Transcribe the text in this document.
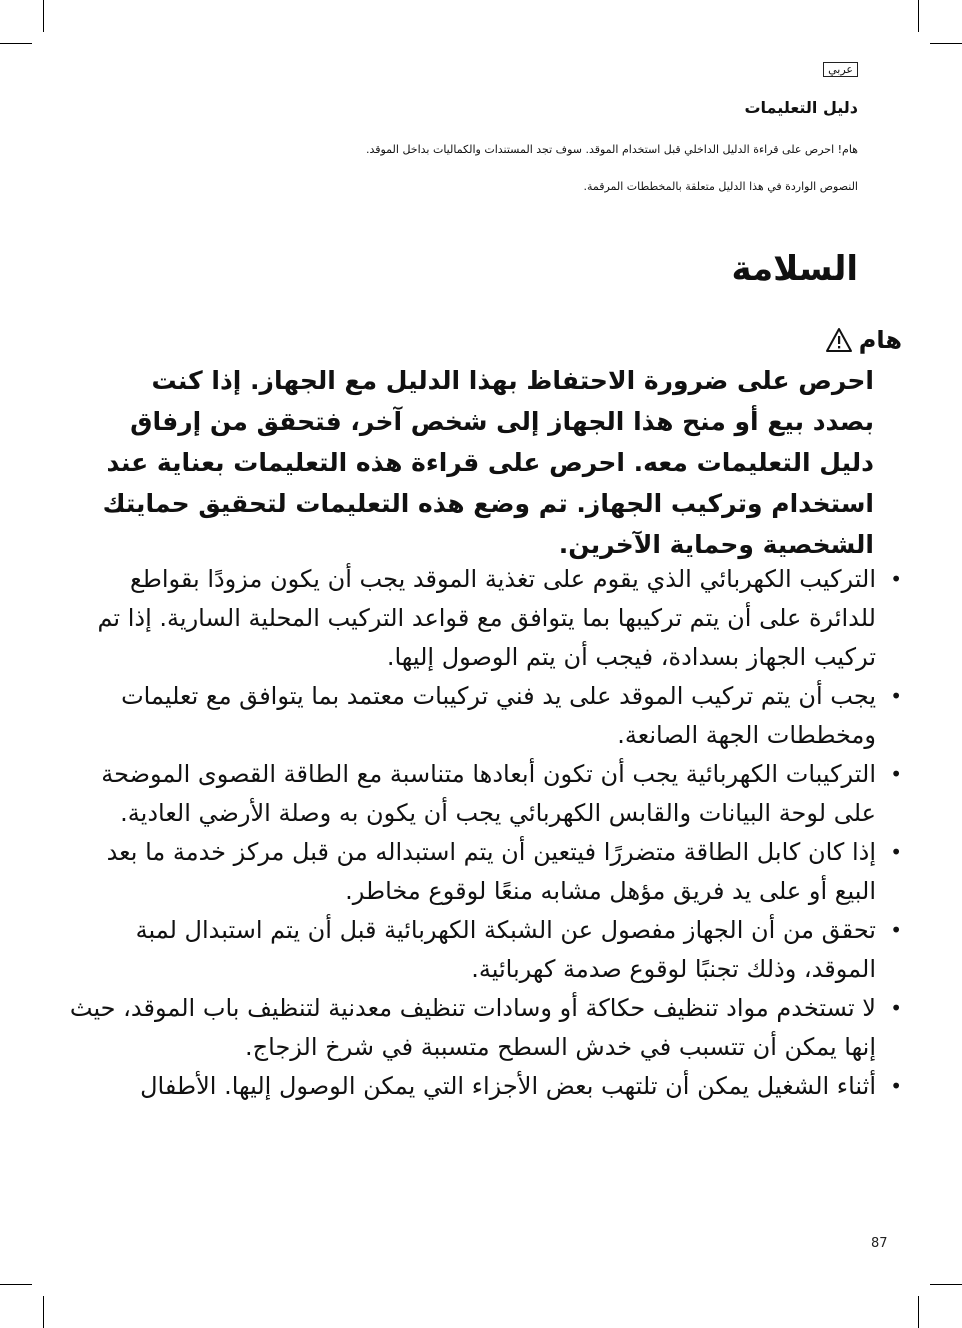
عربي
دليل التعليمات
هام! احرص على قراءة الدليل الداخلي قبل استخدام الموقد. سوف تجد المستندات والكماليات بداخل الموقد.
النصوص الواردة في هذا الدليل متعلقة بالمخططات المرقمة.
السلامة
هام
احرص على ضرورة الاحتفاظ بهذا الدليل مع الجهاز. إذا كنت بصدد بيع أو منح هذا الجهاز إلى شخص آخر، فتحقق من إرفاق دليل التعليمات معه. احرص على قراءة هذه التعليمات بعناية عند استخدام وتركيب الجهاز. تم وضع هذه التعليمات لتحقيق حمايتك الشخصية وحماية الآخرين.
• التركيب الكهربائي الذي يقوم على تغذية الموقد يجب أن يكون مزودًا بقواطع للدائرة على أن يتم تركيبها بما يتوافق مع قواعد التركيب المحلية السارية. إذا تم تركيب الجهاز بسدادة، فيجب أن يتم الوصول إليها.
• يجب أن يتم تركيب الموقد على يد فني تركيبات معتمد بما يتوافق مع تعليمات ومخططات الجهة الصانعة.
• التركيبات الكهربائية يجب أن تكون أبعادها متناسبة مع الطاقة القصوى الموضحة على لوحة البيانات والقابس الكهربائي يجب أن يكون به وصلة الأرضي العادية.
• إذا كان كابل الطاقة متضررًا فيتعين أن يتم استبداله من قبل مركز خدمة ما بعد البيع أو على يد فريق مؤهل مشابه منعًا لوقوع مخاطر.
• تحقق من أن الجهاز مفصول عن الشبكة الكهربائية قبل أن يتم استبدال لمبة الموقد، وذلك تجنبًا لوقوع صدمة كهربائية.
• لا تستخدم مواد تنظيف حكاكة أو وسادات تنظيف معدنية لتنظيف باب الموقد، حيث إنها يمكن أن تتسبب في خدش السطح متسببة في شرخ الزجاج.
• أثناء الشغيل يمكن أن تلتهب بعض الأجزاء التي يمكن الوصول إليها. الأطفال
87
